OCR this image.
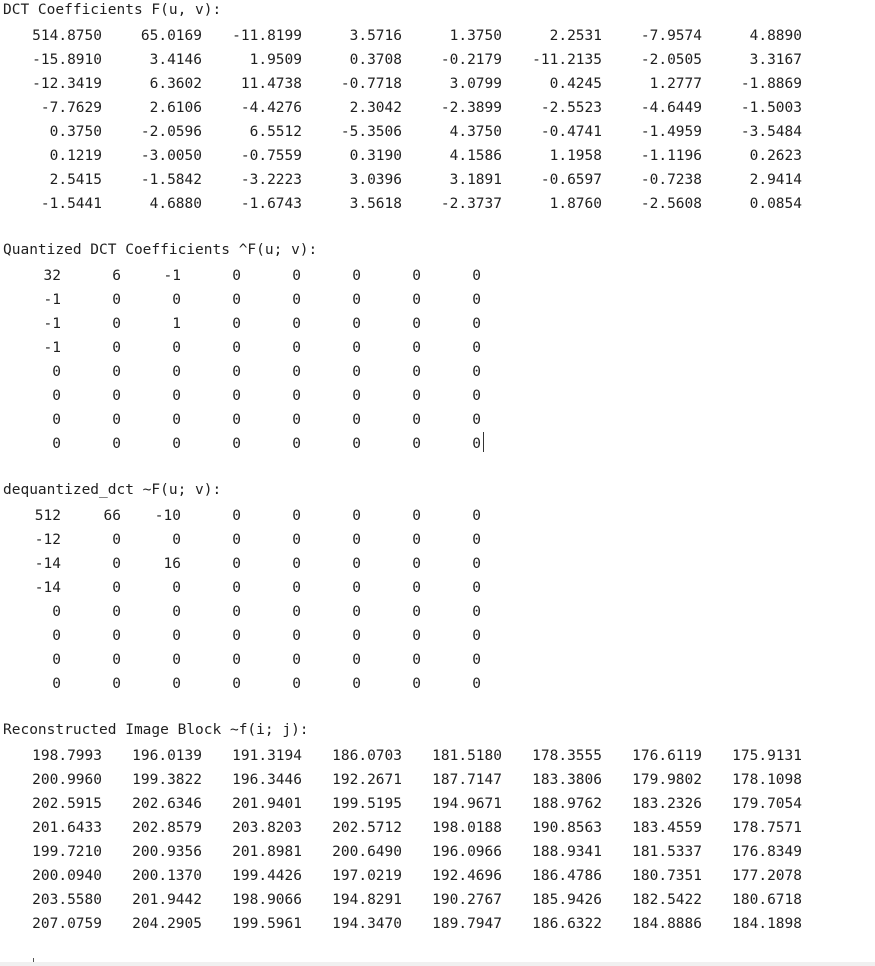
DCT Coefficients F(u, v):
514.8750	65.0169	-11.8199	3.5716	1.3750	2.2531	-7.9574	4.8890
-15.8910	3.4146	1.9509	0.3708	-0.2179	-11.2135	-2.0505	3.3167
-12.3419	6.3602	11.4738	-0.7718	3.0799	0.4245	1.2777	-1.8869
-7.7629	2.6106	-4.4276	2.3042	-2.3899	-2.5523	-4.6449	-1.5003
0.3750	-2.0596	6.5512	-5.3506	4.3750	-0.4741	-1.4959	-3.5484
0.1219	-3.0050	-0.7559	0.3190	4.1586	1.1958	-1.1196	0.2623
2.5415	-1.5842	-3.2223	3.0396	3.1891	-0.6597	-0.7238	2.9414
-1.5441	4.6880	-1.6743	3.5618	-2.3737	1.8760	-2.5608	0.0854
Quantized DCT Coefficients ^F(u; v):
32	6	-1	0	0	0	0	0
-1	0	0	0	0	0	0	0
-1	0	1	0	0	0	0	0
-1	0	0	0	0	0	0	0
0	0	0	0	0	0	0	0
0	0	0	0	0	0	0	0
0	0	0	0	0	0	0	0
0	0	0	0	0	0	0	0
dequantized_dct ~F(u; v):
512	66	-10	0	0	0	0	0
-12	0	0	0	0	0	0	0
-14	0	16	0	0	0	0	0
-14	0	0	0	0	0	0	0
0	0	0	0	0	0	0	0
0	0	0	0	0	0	0	0
0	0	0	0	0	0	0	0
0	0	0	0	0	0	0	0
Reconstructed Image Block ~f(i; j):
198.7993	196.0139	191.3194	186.0703	181.5180	178.3555	176.6119	175.9131
200.9960	199.3822	196.3446	192.2671	187.7147	183.3806	179.9802	178.1098
202.5915	202.6346	201.9401	199.5195	194.9671	188.9762	183.2326	179.7054
201.6433	202.8579	203.8203	202.5712	198.0188	190.8563	183.4559	178.7571
199.7210	200.9356	201.8981	200.6490	196.0966	188.9341	181.5337	176.8349
200.0940	200.1370	199.4426	197.0219	192.4696	186.4786	180.7351	177.2078
203.5580	201.9442	198.9066	194.8291	190.2767	185.9426	182.5422	180.6718
207.0759	204.2905	199.5961	194.3470	189.7947	186.6322	184.8886	184.1898
